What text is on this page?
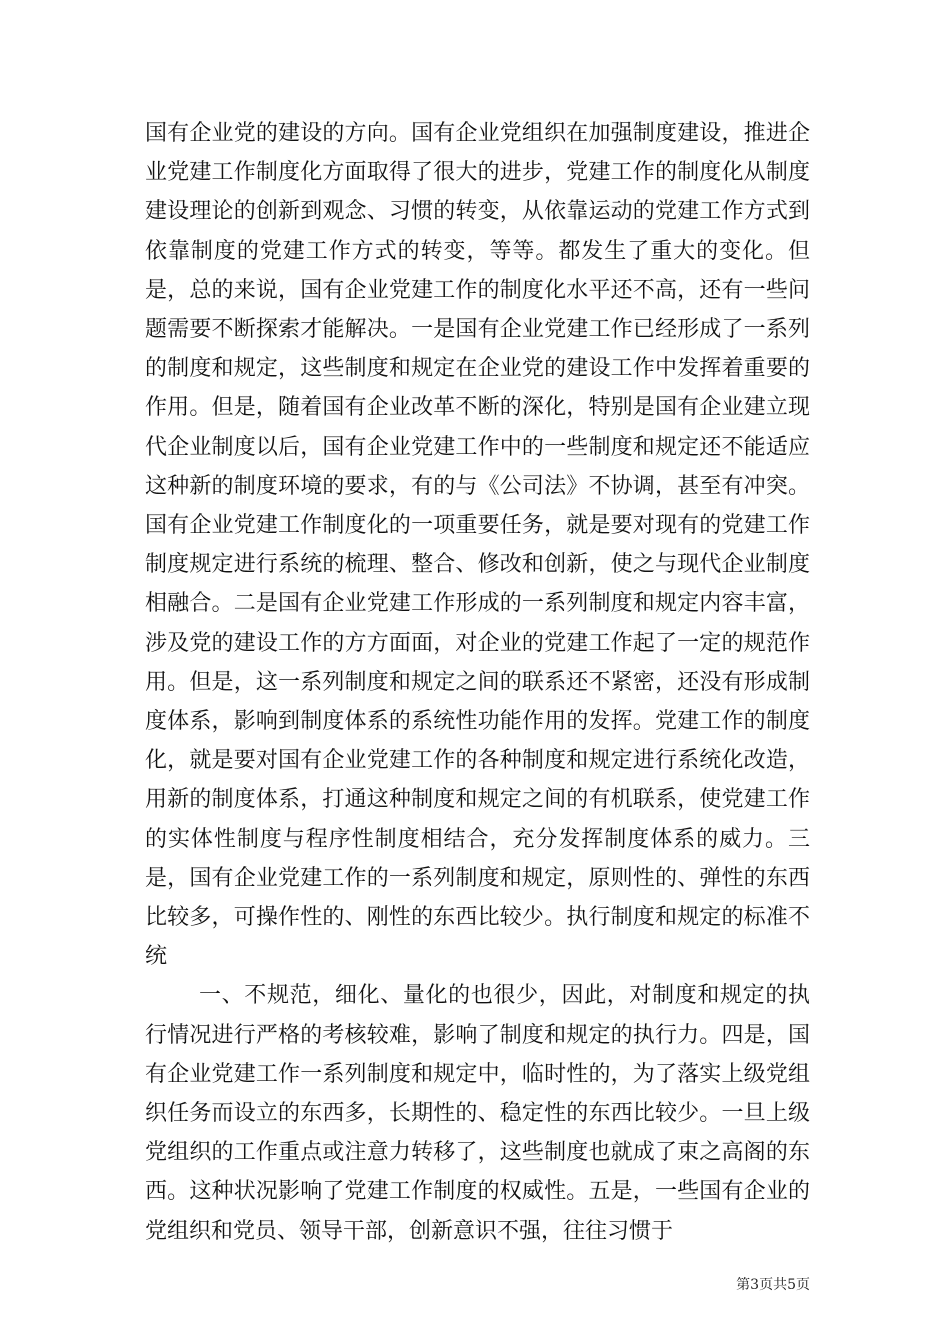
国有企业党的建设的方向。国有企业党组织在加强制度建设，推进企业党建工作制度化方面取得了很大的进步，党建工作的制度化从制度建设理论的创新到观念、习惯的转变，从依靠运动的党建工作方式到依靠制度的党建工作方式的转变，等等。都发生了重大的变化。但是，总的来说，国有企业党建工作的制度化水平还不高，还有一些问题需要不断探索才能解决。一是国有企业党建工作已经形成了一系列的制度和规定，这些制度和规定在企业党的建设工作中发挥着重要的作用。但是，随着国有企业改革不断的深化，特别是国有企业建立现代企业制度以后，国有企业党建工作中的一些制度和规定还不能适应这种新的制度环境的要求，有的与《公司法》不协调，甚至有冲突。国有企业党建工作制度化的一项重要任务，就是要对现有的党建工作制度规定进行系统的梳理、整合、修改和创新，使之与现代企业制度相融合。二是国有企业党建工作形成的一系列制度和规定内容丰富，涉及党的建设工作的方方面面，对企业的党建工作起了一定的规范作用。但是，这一系列制度和规定之间的联系还不紧密，还没有形成制度体系，影响到制度体系的系统性功能作用的发挥。党建工作的制度化，就是要对国有企业党建工作的各种制度和规定进行系统化改造，用新的制度体系，打通这种制度和规定之间的有机联系，使党建工作的实体性制度与程序性制度相结合，充分发挥制度体系的威力。三是，国有企业党建工作的一系列制度和规定，原则性的、弹性的东西比较多，可操作性的、刚性的东西比较少。执行制度和规定的标准不统

一、不规范，细化、量化的也很少，因此，对制度和规定的执行情况进行严格的考核较难，影响了制度和规定的执行力。四是，国有企业党建工作一系列制度和规定中，临时性的，为了落实上级党组织任务而设立的东西多，长期性的、稳定性的东西比较少。一旦上级党组织的工作重点或注意力转移了，这些制度也就成了束之高阁的东西。这种状况影响了党建工作制度的权威性。五是，一些国有企业的党组织和党员、领导干部，创新意识不强，往往习惯于

第3页共5页
